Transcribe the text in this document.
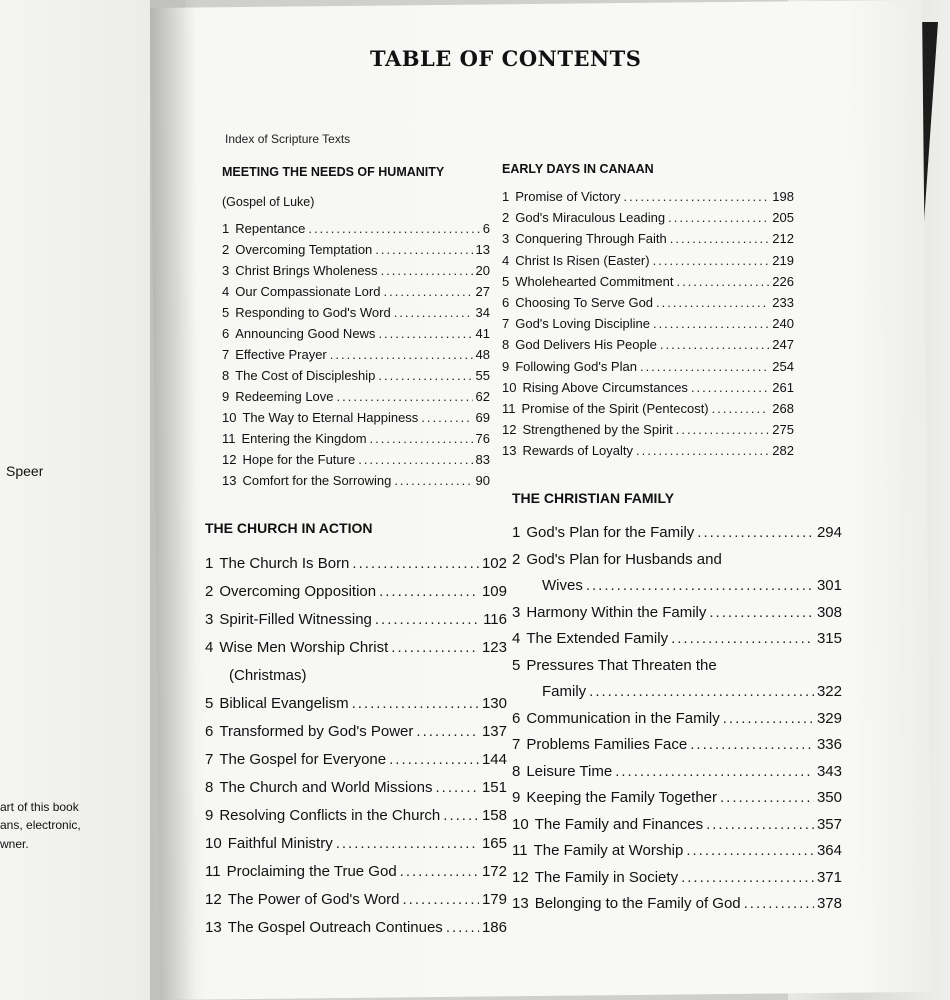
Speer
art of this book
ans, electronic,
wner.
TABLE OF CONTENTS
Index of Scripture Texts
MEETING THE NEEDS OF HUMANITY
(Gospel of Luke)
1 Repentance .....	6
2 Overcoming Temptation .....	13
3 Christ Brings Wholeness .....	20
4 Our Compassionate Lord .....	27
5 Responding to God's Word .....	34
6 Announcing Good News .....	41
7 Effective Prayer .....	48
8 The Cost of Discipleship .....	55
9 Redeeming Love .....	62
10 The Way to Eternal Happiness .....	69
11 Entering the Kingdom .....	76
12 Hope for the Future .....	83
13 Comfort for the Sorrowing .....	90
THE CHURCH IN ACTION
1 The Church Is Born .....	102
2 Overcoming Opposition .....	109
3 Spirit-Filled Witnessing .....	116
4 Wise Men Worship Christ .....	123
(Christmas)
5 Biblical Evangelism .....	130
6 Transformed by God's Power .....	137
7 The Gospel for Everyone .....	144
8 The Church and World Missions .....	151
9 Resolving Conflicts in the Church .....	158
10 Faithful Ministry .....	165
11 Proclaiming the True God .....	172
12 The Power of God's Word .....	179
13 The Gospel Outreach Continues .....	186
EARLY DAYS IN CANAAN
1 Promise of Victory .....	198
2 God's Miraculous Leading .....	205
3 Conquering Through Faith .....	212
4 Christ Is Risen (Easter) .....	219
5 Wholehearted Commitment .....	226
6 Choosing To Serve God .....	233
7 God's Loving Discipline .....	240
8 God Delivers His People .....	247
9 Following God's Plan .....	254
10 Rising Above Circumstances .....	261
11 Promise of the Spirit (Pentecost) .....	268
12 Strengthened by the Spirit .....	275
13 Rewards of Loyalty .....	282
THE CHRISTIAN FAMILY
1 God's Plan for the Family .....	294
2 God's Plan for Husbands and
Wives .....	301
3 Harmony Within the Family .....	308
4 The Extended Family .....	315
5 Pressures That Threaten the
Family .....	322
6 Communication in the Family .....	329
7 Problems Families Face .....	336
8 Leisure Time .....	343
9 Keeping the Family Together .....	350
10 The Family and Finances .....	357
11 The Family at Worship .....	364
12 The Family in Society .....	371
13 Belonging to the Family of God .....	378
